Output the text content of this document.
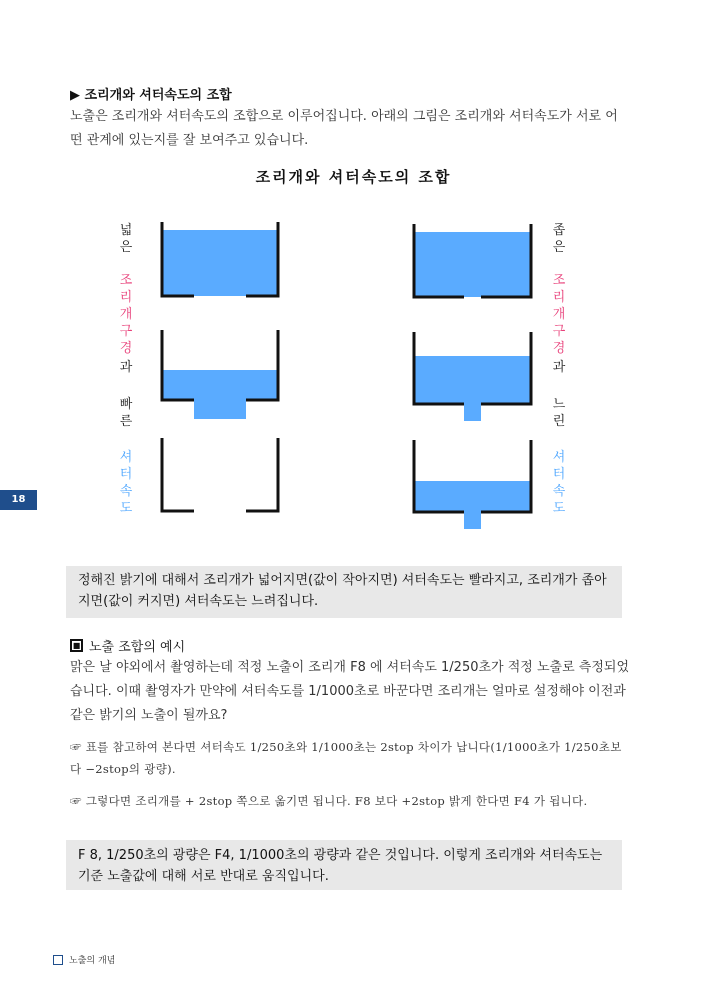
▶ 조리개와 셔터속도의 조합
노출은 조리개와 셔터속도의 조합으로 이루어집니다. 아래의 그림은 조리개와 셔터속도가 서로 어떤 관계에 있는지를 잘 보여주고 있습니다.
조리개와 셔터속도의 조합
넓
은
조
리
개
구
경
과
빠
른
셔
터
속
도
좁
은
조
리
개
구
경
과
느
린
셔
터
속
도
18
정해진 밝기에 대해서 조리개가 넓어지면(값이 작아지면) 셔터속도는 빨라지고, 조리개가 좁아지면(값이 커지면) 셔터속도는 느려집니다.
■ 노출 조합의 예시
맑은 날 야외에서 촬영하는데 적정 노출이 조리개 F8 에 셔터속도 1/250초가 적정 노출로 측정되었습니다. 이때 촬영자가 만약에 셔터속도를 1/1000초로 바꾼다면 조리개는 얼마로 설정해야 이전과 같은 밝기의 노출이 될까요?
☞ 표를 참고하여 본다면 셔터속도 1/250초와 1/1000초는 2stop 차이가 납니다(1/1000초가 1/250초보다 −2stop의 광량).
☞ 그렇다면 조리개를 + 2stop 쪽으로 옮기면 됩니다. F8 보다 +2stop 밝게 한다면 F4 가 됩니다.
F 8, 1/250초의 광량은 F4, 1/1000초의 광량과 같은 것입니다. 이렇게 조리개와 셔터속도는 기준 노출값에 대해 서로 반대로 움직입니다.
노출의 개념
